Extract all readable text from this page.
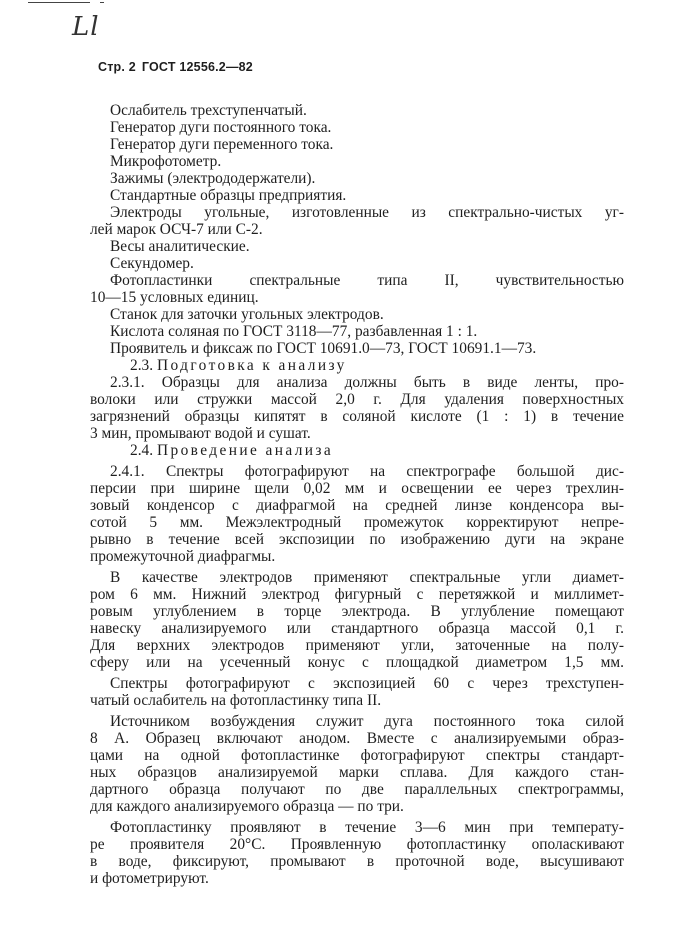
Ll
Стр. 2 ГОСТ 12556.2—82
Ослабитель трехступенчатый.
Генератор дуги постоянного тока.
Генератор дуги переменного тока.
Микрофотометр.
Зажимы (электрододержатели).
Стандартные образцы предприятия.
Электроды угольные, изготовленные из спектрально-чистых уг-
лей марок ОСЧ-7 или С-2.
Весы аналитические.
Секундомер.
Фотопластинки спектральные типа II, чувствительностью
10—15 условных единиц.
Станок для заточки угольных электродов.
Кислота соляная по ГОСТ 3118—77, разбавленная 1 : 1.
Проявитель и фиксаж по ГОСТ 10691.0—73, ГОСТ 10691.1—73.
2.3. Подготовка к анализу
2.3.1. Образцы для анализа должны быть в виде ленты, про-
волоки или стружки массой 2,0 г. Для удаления поверхностных
загрязнений образцы кипятят в соляной кислоте (1 : 1) в течение
3 мин, промывают водой и сушат.
2.4. Проведение анализа
2.4.1. Спектры фотографируют на спектрографе большой дис-
персии при ширине щели 0,02 мм и освещении ее через трехлин-
зовый конденсор с диафрагмой на средней линзе конденсора вы-
сотой 5 мм. Межэлектродный промежуток корректируют непре-
рывно в течение всей экспозиции по изображению дуги на экране
промежуточной диафрагмы.
В качестве электродов применяют спектральные угли диамет-
ром 6 мм. Нижний электрод фигурный с перетяжкой и миллимет-
ровым углублением в торце электрода. В углубление помещают
навеску анализируемого или стандартного образца массой 0,1 г.
Для верхних электродов применяют угли, заточенные на полу-
сферу или на усеченный конус с площадкой диаметром 1,5 мм.
Спектры фотографируют с экспозицией 60 с через трехступен-
чатый ослабитель на фотопластинку типа II.
Источником возбуждения служит дуга постоянного тока силой
8 А. Образец включают анодом. Вместе с анализируемыми образ-
цами на одной фотопластинке фотографируют спектры стандарт-
ных образцов анализируемой марки сплава. Для каждого стан-
дартного образца получают по две параллельных спектрограммы,
для каждого анализируемого образца — по три.
Фотопластинку проявляют в течение 3—6 мин при температу-
ре проявителя 20°С. Проявленную фотопластинку ополаскивают
в воде, фиксируют, промывают в проточной воде, высушивают
и фотометрируют.
